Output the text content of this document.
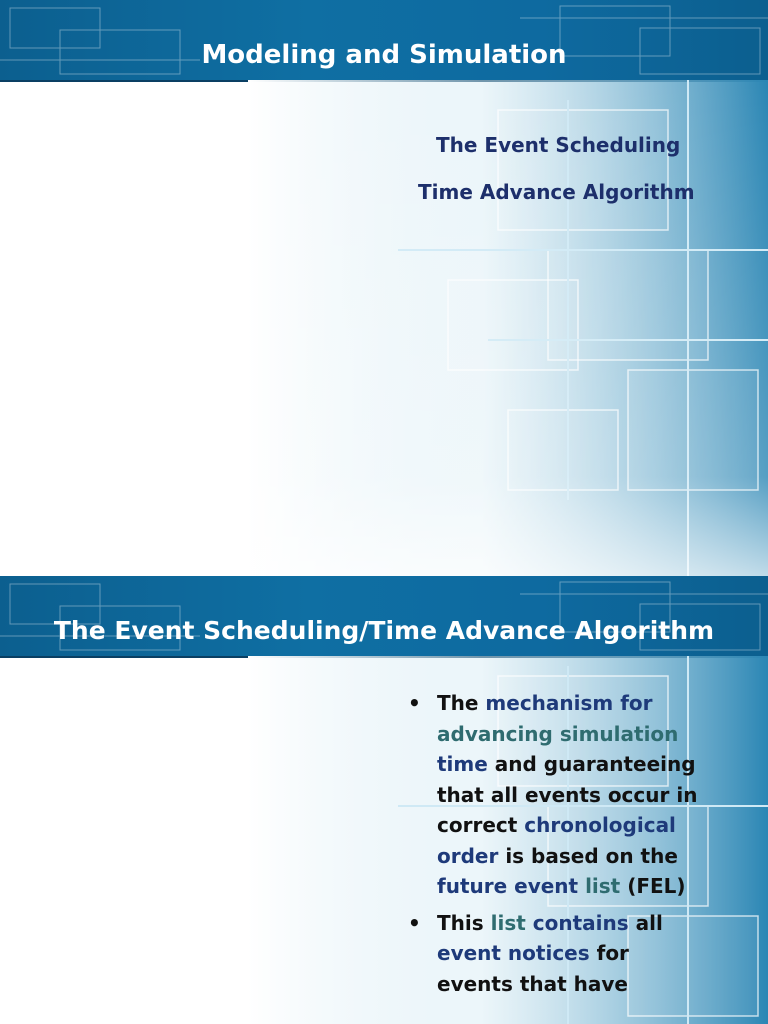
Modeling and Simulation
The Event Scheduling
Time Advance Algorithm
The Event Scheduling/Time Advance Algorithm
• The mechanism for advancing simulation time and guaranteeing that all events occur in correct chronological order is based on the future event list (FEL)
• This list contains all event notices for events that have
